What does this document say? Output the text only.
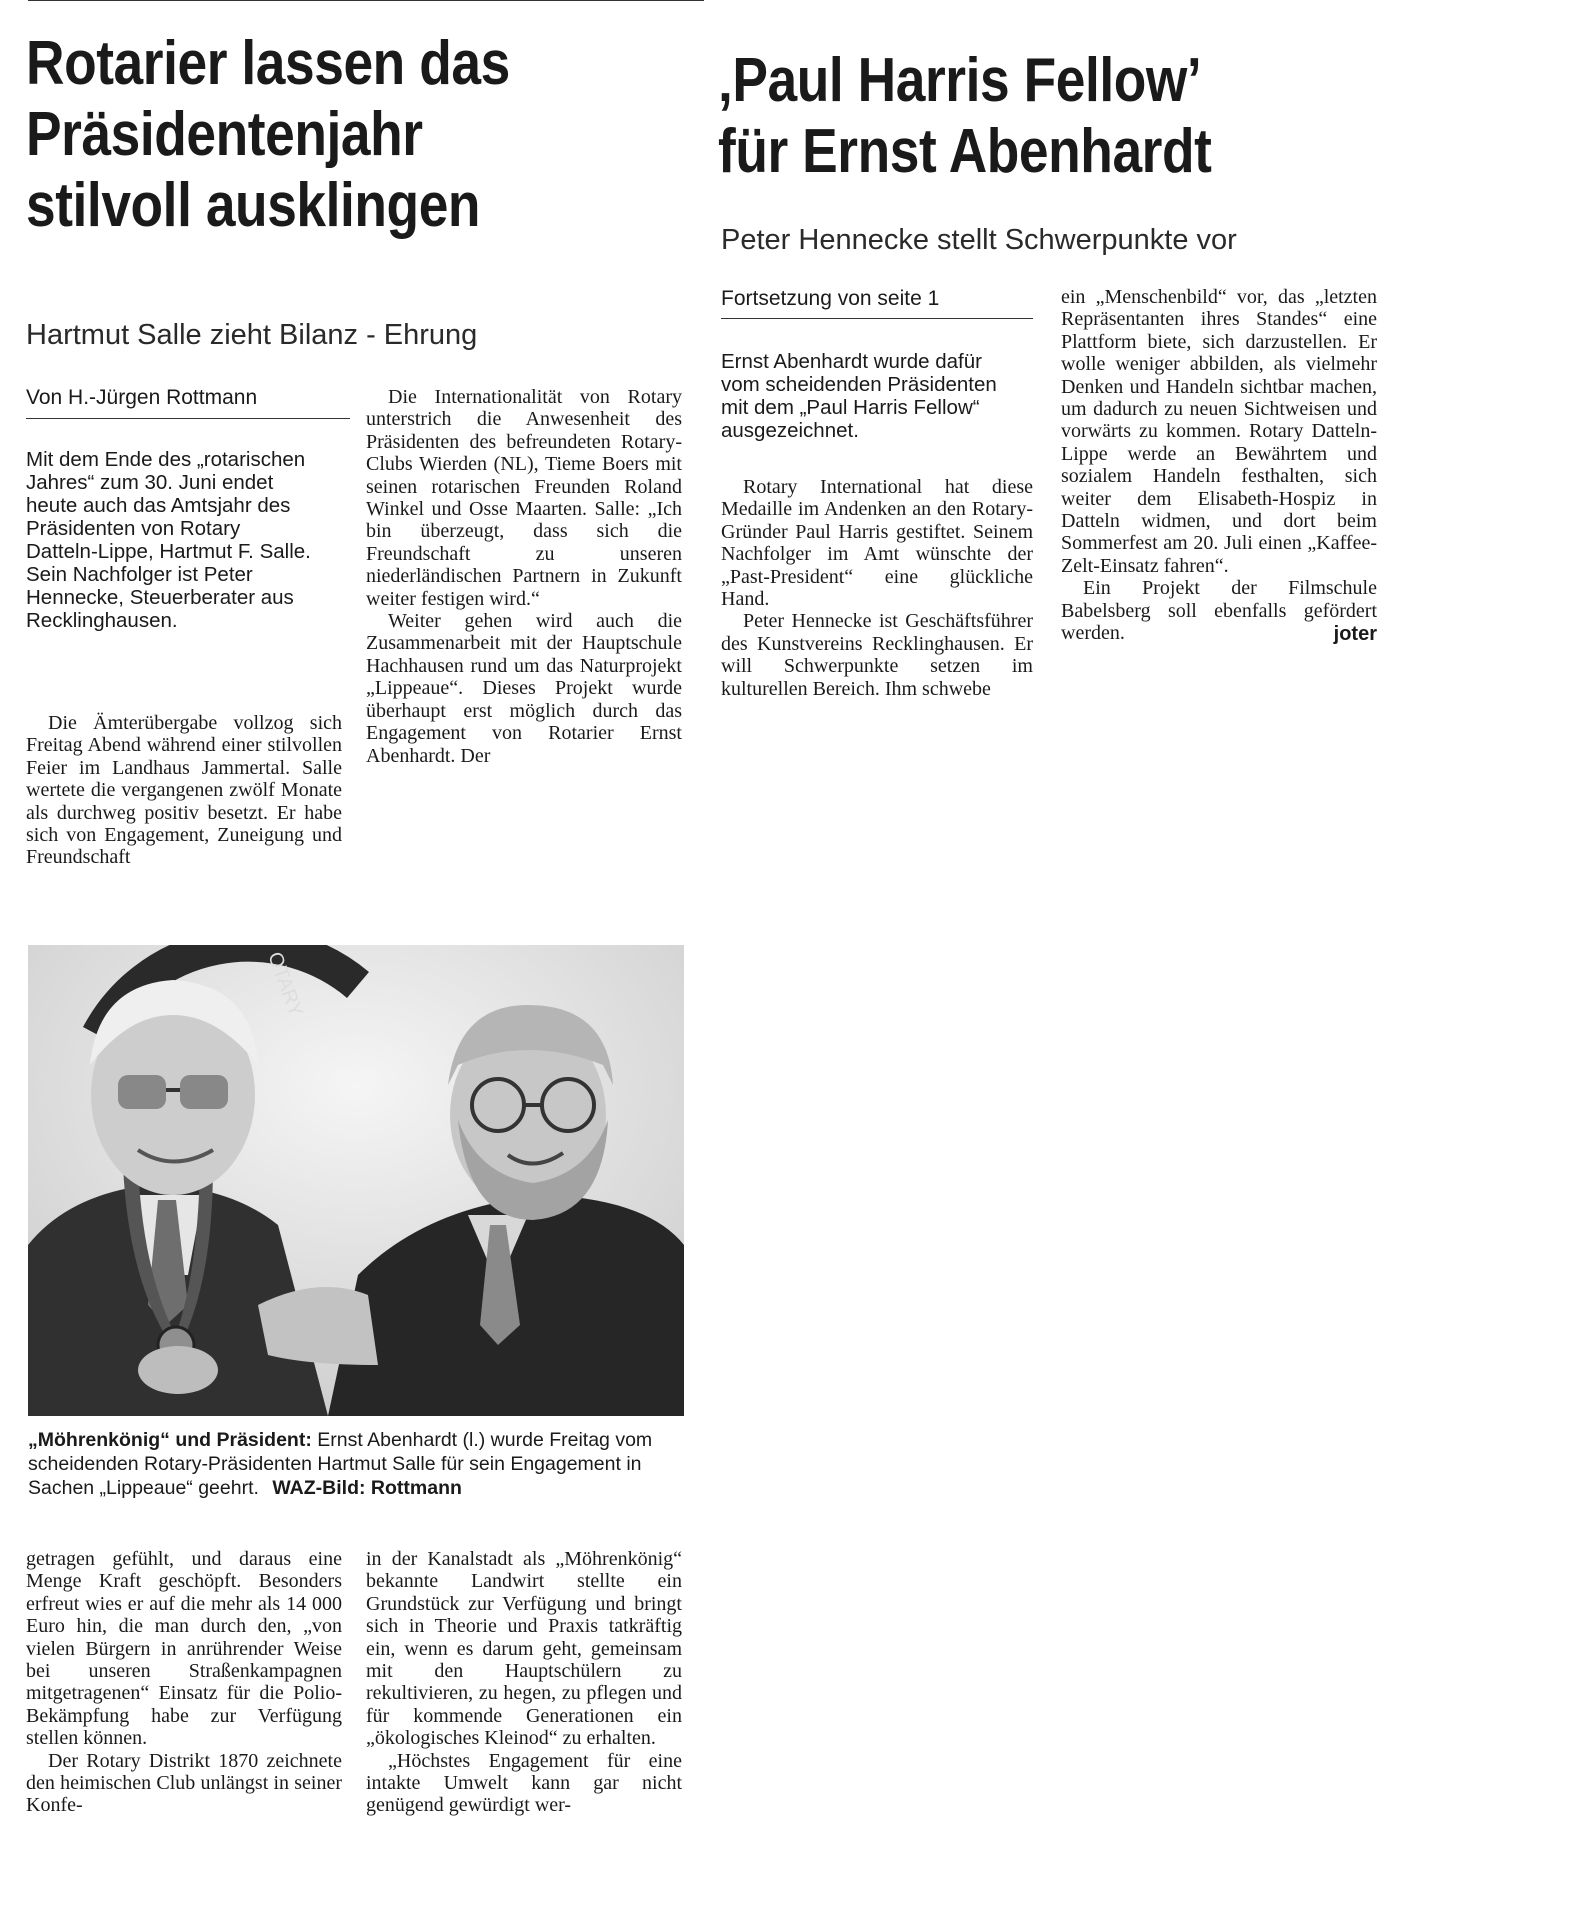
Rotarier lassen das
Präsidentenjahr
stilvoll ausklingen
Hartmut Salle zieht Bilanz - Ehrung
Von H.-Jürgen Rottmann

Mit dem Ende des „rotarischen Jahres“ zum 30. Juni endet heute auch das Amtsjahr des Präsidenten von Rotary Datteln-Lippe, Hartmut F. Salle. Sein Nachfolger ist Peter Hennecke, Steuerberater aus Recklinghausen.

Die Ämterübergabe vollzog sich Freitag Abend während einer stilvollen Feier im Landhaus Jammertal. Salle wertete die vergangenen zwölf Monate als durchweg positiv besetzt. Er habe sich von Engagement, Zuneigung und Freundschaft

Die Internationalität von Rotary unterstrich die Anwesenheit des Präsidenten des befreundeten Rotary-Clubs Wierden (NL), Tieme Boers mit seinen rotarischen Freunden Roland Winkel und Osse Maarten. Salle: „Ich bin überzeugt, dass sich die Freundschaft zu unseren niederländischen Partnern in Zukunft weiter festigen wird.“

Weiter gehen wird auch die Zusammenarbeit mit der Hauptschule Hachhausen rund um das Naturprojekt „Lippeaue“. Dieses Projekt wurde überhaupt erst möglich durch das Engagement von Rotarier Ernst Abenhardt. Der

OTARY
„Möhrenkönig“ und Präsident: Ernst Abenhardt (l.) wurde Freitag vom scheidenden Rotary-Präsidenten Hartmut Salle für sein Engagement in Sachen „Lippeaue“ geehrt. WAZ-Bild: Rottmann

getragen gefühlt, und daraus eine Menge Kraft geschöpft. Besonders erfreut wies er auf die mehr als 14 000 Euro hin, die man durch den, „von vielen Bürgern in anrührender Weise bei unseren Straßenkampagnen mitgetragenen“ Einsatz für die Polio- Bekämpfung habe zur Verfügung stellen können.

Der Rotary Distrikt 1870 zeichnete den heimischen Club unlängst in seiner Konfe-

in der Kanalstadt als „Möhrenkönig“ bekannte Landwirt stellte ein Grundstück zur Verfügung und bringt sich in Theorie und Praxis tatkräftig ein, wenn es darum geht, gemeinsam mit den Hauptschülern zu rekultivieren, zu hegen, zu pflegen und für kommende Generationen ein „ökologisches Kleinod“ zu erhalten.

„Höchstes Engagement für eine intakte Umwelt kann gar nicht genügend gewürdigt wer-

‚Paul Harris Fellow’
für Ernst Abenhardt
Peter Hennecke stellt Schwerpunkte vor
Fortsetzung von seite 1

Ernst Abenhardt wurde dafür vom scheidenden Präsidenten mit dem „Paul Harris Fellow“ ausgezeichnet.

Rotary International hat diese Medaille im Andenken an den Rotary-Gründer Paul Harris gestiftet. Seinem Nachfolger im Amt wünschte der „Past-President“ eine glückliche Hand.

Peter Hennecke ist Geschäftsführer des Kunstvereins Recklinghausen. Er will Schwerpunkte setzen im kulturellen Bereich. Ihm schwebe

ein „Menschenbild“ vor, das „letzten Repräsentanten ihres Standes“ eine Plattform biete, sich darzustellen. Er wolle weniger abbilden, als vielmehr Denken und Handeln sichtbar machen, um dadurch zu neuen Sichtweisen und vorwärts zu kommen. Rotary Datteln-Lippe werde an Bewährtem und sozialem Handeln festhalten, sich weiter dem Elisabeth-Hospiz in Datteln widmen, und dort beim Sommerfest am 20. Juli einen „Kaffee-Zelt-Einsatz fahren“.

Ein Projekt der Filmschule Babelsberg soll ebenfalls gefördert werden.	joter
